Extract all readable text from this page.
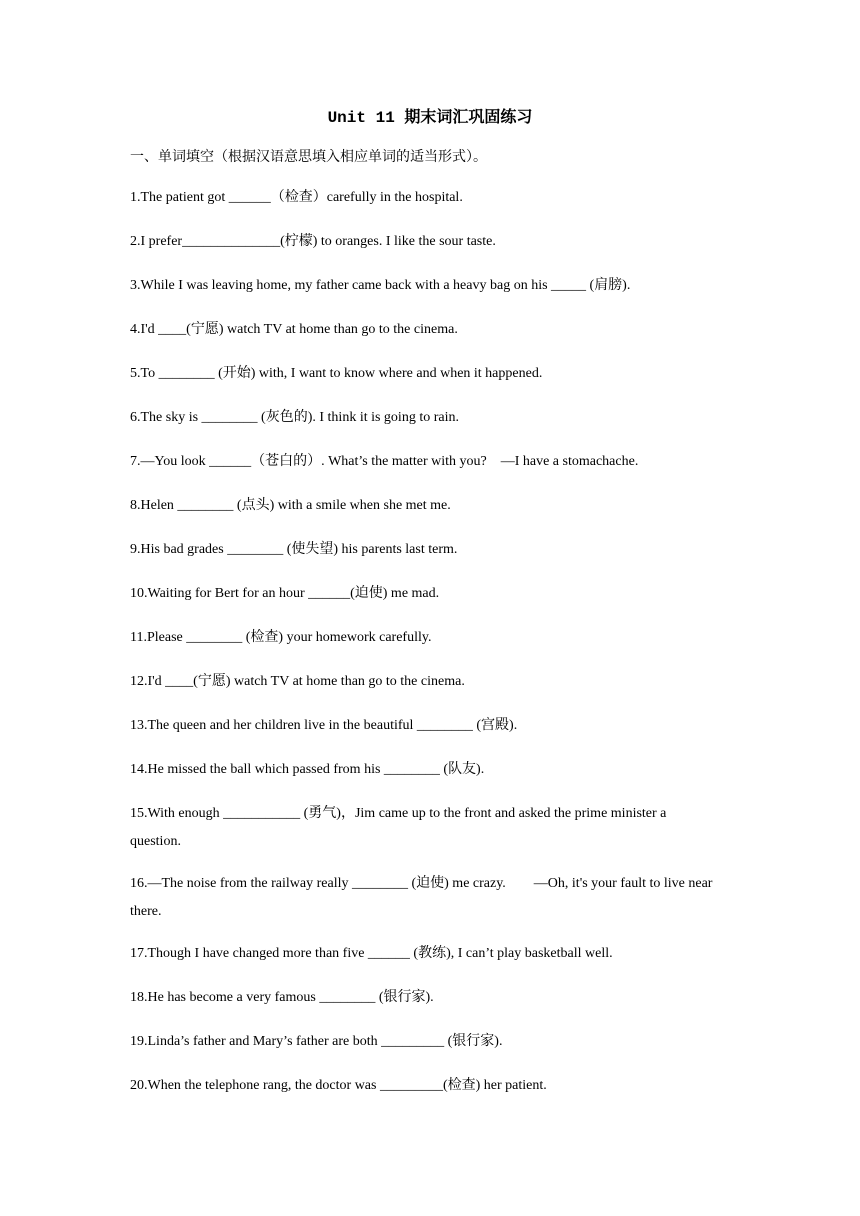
Unit 11 期末词汇巩固练习
一、单词填空（根据汉语意思填入相应单词的适当形式）。
1.The patient got ______（检查）carefully in the hospital.
2.I prefer______________(柠檬) to oranges. I like the sour taste.
3.While I was leaving home, my father came back with a heavy bag on his _____ (肩膀).
4.I'd ____(宁愿) watch TV at home than go to the cinema.
5.To ________ (开始) with, I want to know where and when it happened.
6.The sky is ________ (灰色的). I think it is going to rain.
7.—You look ______（苍白的）. What’s the matter with you?　—I have a stomachache.
8.Helen ________ (点头) with a smile when she met me.
9.His bad grades ________ (使失望) his parents last term.
10.Waiting for Bert for an hour ______(迫使) me mad.
11.Please ________ (检查) your homework carefully.
12.I'd ____(宁愿) watch TV at home than go to the cinema.
13.The queen and her children live in the beautiful ________ (宫殿).
14.He missed the ball which passed from his ________ (队友).
15.With enough ___________ (勇气)，Jim came up to the front and asked the prime minister a question.
16.—The noise from the railway really ________ (迫使) me crazy.　　—Oh, it's your fault to live near there.
17.Though I have changed more than five ______ (教练), I can’t play basketball well.
18.He has become a very famous ________ (银行家).
19.Linda’s father and Mary’s father are both _________ (银行家).
20.When the telephone rang, the doctor was _________(检查) her patient.
